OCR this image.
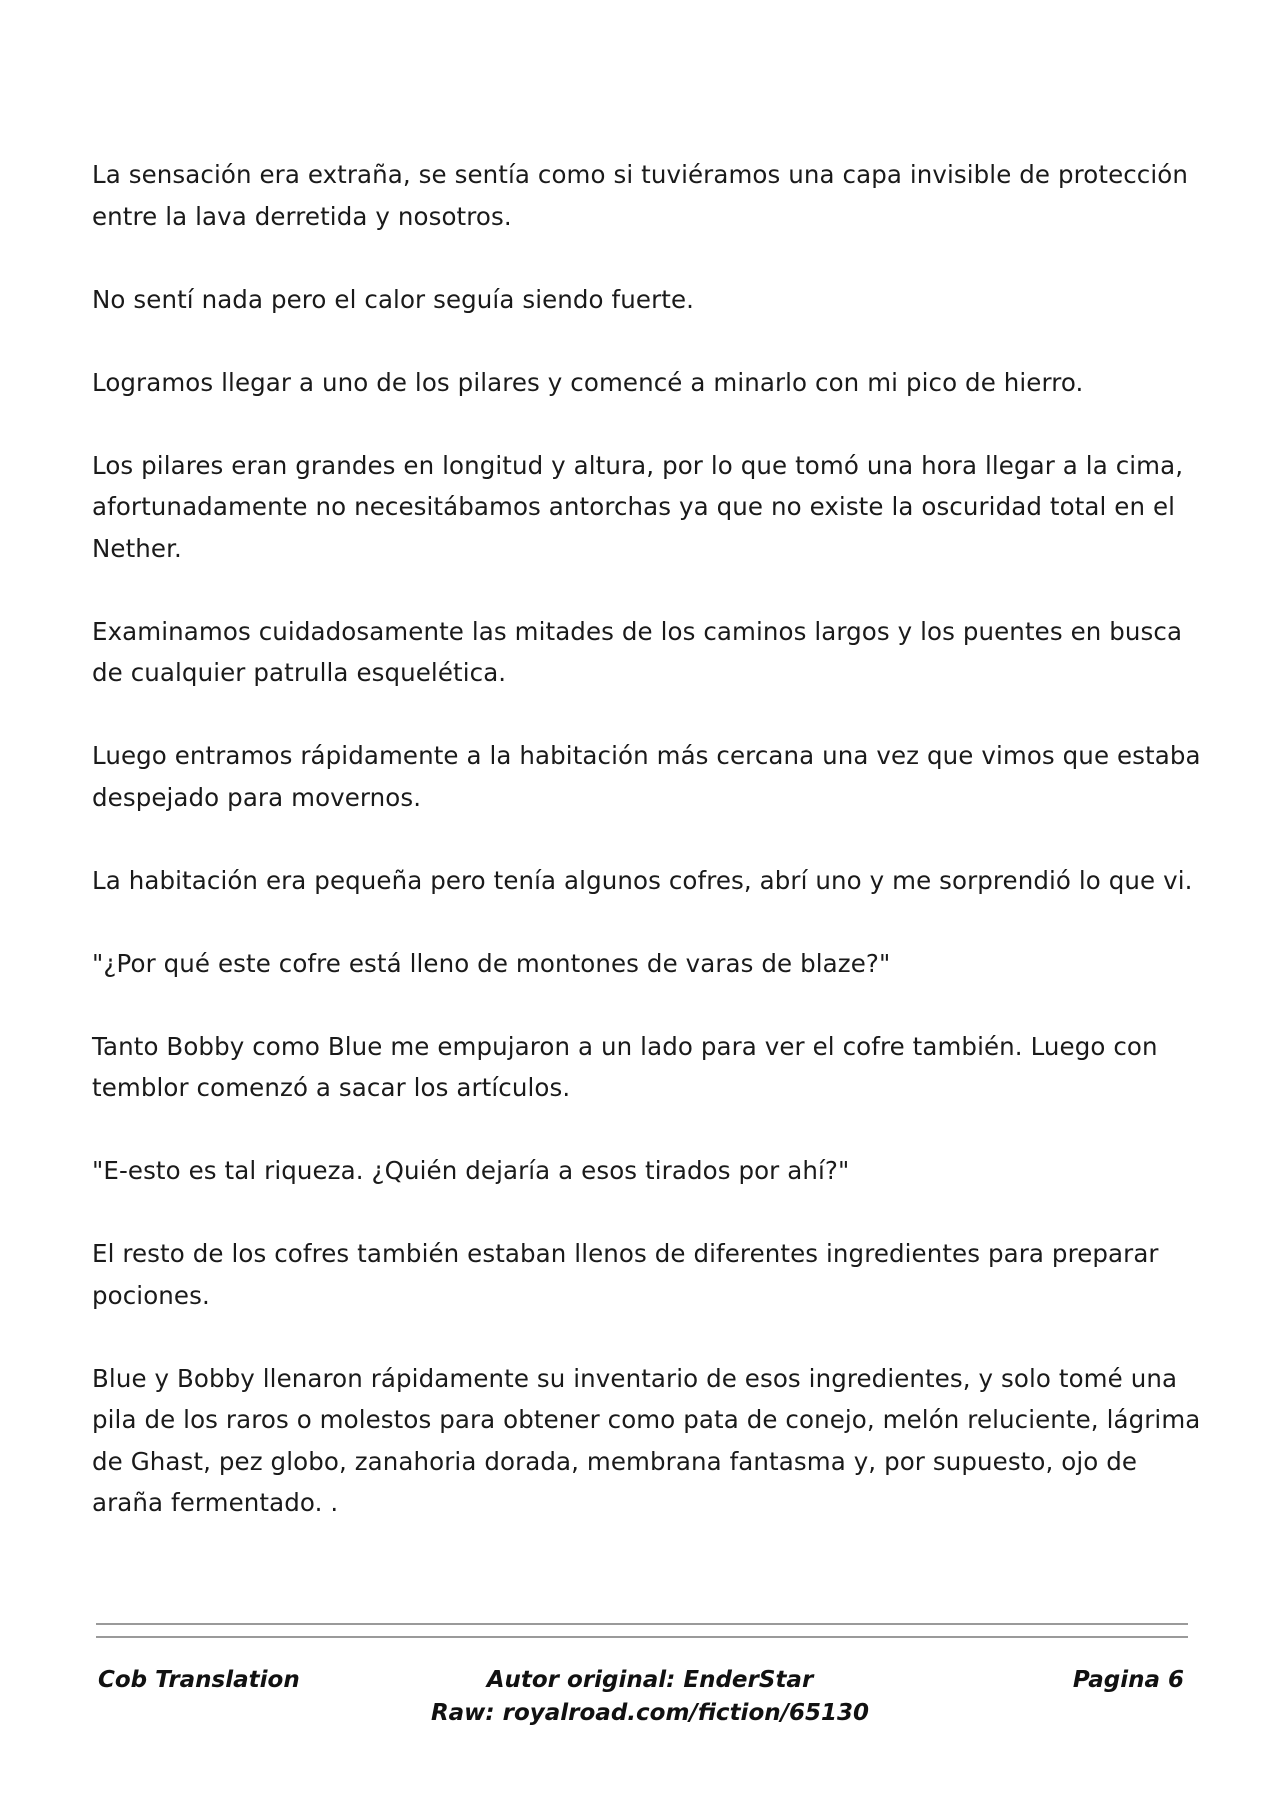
La sensación era extraña, se sentía como si tuviéramos una capa invisible de protección entre la lava derretida y nosotros.

No sentí nada pero el calor seguía siendo fuerte.

Logramos llegar a uno de los pilares y comencé a minarlo con mi pico de hierro.

Los pilares eran grandes en longitud y altura, por lo que tomó una hora llegar a la cima, afortunadamente no necesitábamos antorchas ya que no existe la oscuridad total en el Nether.

Examinamos cuidadosamente las mitades de los caminos largos y los puentes en busca de cualquier patrulla esquelética.

Luego entramos rápidamente a la habitación más cercana una vez que vimos que estaba despejado para movernos.

La habitación era pequeña pero tenía algunos cofres, abrí uno y me sorprendió lo que vi.

"¿Por qué este cofre está lleno de montones de varas de blaze?"

Tanto Bobby como Blue me empujaron a un lado para ver el cofre también. Luego con temblor comenzó a sacar los artículos.

"E-esto es tal riqueza. ¿Quién dejaría a esos tirados por ahí?"

El resto de los cofres también estaban llenos de diferentes ingredientes para preparar pociones.

Blue y Bobby llenaron rápidamente su inventario de esos ingredientes, y solo tomé una pila de los raros o molestos para obtener como pata de conejo, melón reluciente, lágrima de Ghast, pez globo, zanahoria dorada, membrana fantasma y, por supuesto, ojo de araña fermentado. .

Cob Translation	Autor original: EnderStar
Raw: royalroad.com/fiction/65130
Pagina 6
